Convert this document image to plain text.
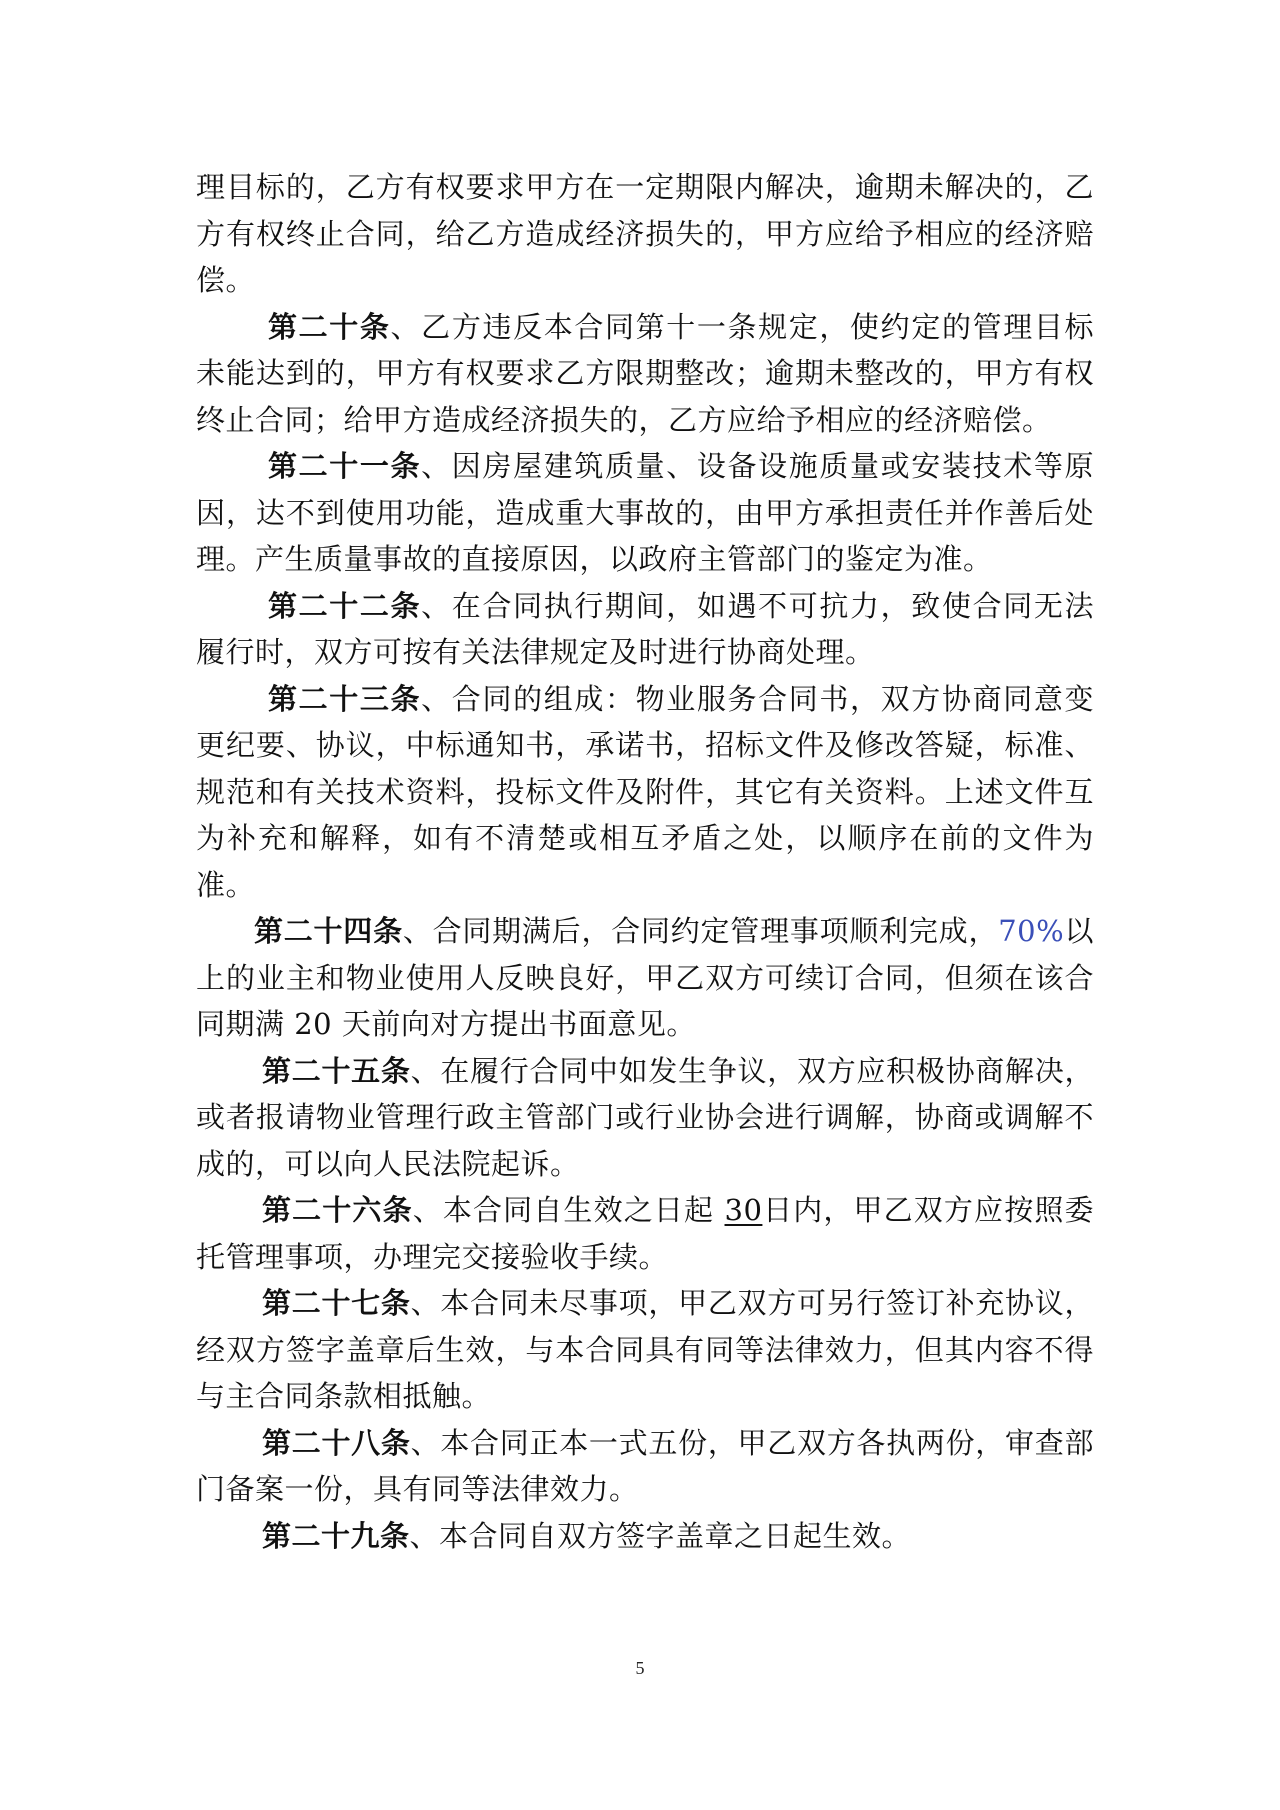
理目标的，乙方有权要求甲方在一定期限内解决，逾期未解决的，乙方有权终止合同，给乙方造成经济损失的，甲方应给予相应的经济赔偿。

第二十条、乙方违反本合同第十一条规定，使约定的管理目标未能达到的，甲方有权要求乙方限期整改；逾期未整改的，甲方有权终止合同；给甲方造成经济损失的，乙方应给予相应的经济赔偿。

第二十一条、因房屋建筑质量、设备设施质量或安装技术等原因，达不到使用功能，造成重大事故的，由甲方承担责任并作善后处理。产生质量事故的直接原因，以政府主管部门的鉴定为准。

第二十二条、在合同执行期间，如遇不可抗力，致使合同无法履行时，双方可按有关法律规定及时进行协商处理。

第二十三条、合同的组成：物业服务合同书，双方协商同意变更纪要、协议，中标通知书，承诺书，招标文件及修改答疑，标准、规范和有关技术资料，投标文件及附件，其它有关资料。上述文件互为补充和解释，如有不清楚或相互矛盾之处，以顺序在前的文件为准。

第二十四条、合同期满后，合同约定管理事项顺利完成，70%以上的业主和物业使用人反映良好，甲乙双方可续订合同，但须在该合同期满 20 天前向对方提出书面意见。

第二十五条、在履行合同中如发生争议，双方应积极协商解决，或者报请物业管理行政主管部门或行业协会进行调解，协商或调解不成的，可以向人民法院起诉。

第二十六条、本合同自生效之日起 30日内，甲乙双方应按照委托管理事项，办理完交接验收手续。

第二十七条、本合同未尽事项，甲乙双方可另行签订补充协议，经双方签字盖章后生效，与本合同具有同等法律效力，但其内容不得与主合同条款相抵触。

第二十八条、本合同正本一式五份，甲乙双方各执两份，审查部门备案一份，具有同等法律效力。

第二十九条、本合同自双方签字盖章之日起生效。

5
